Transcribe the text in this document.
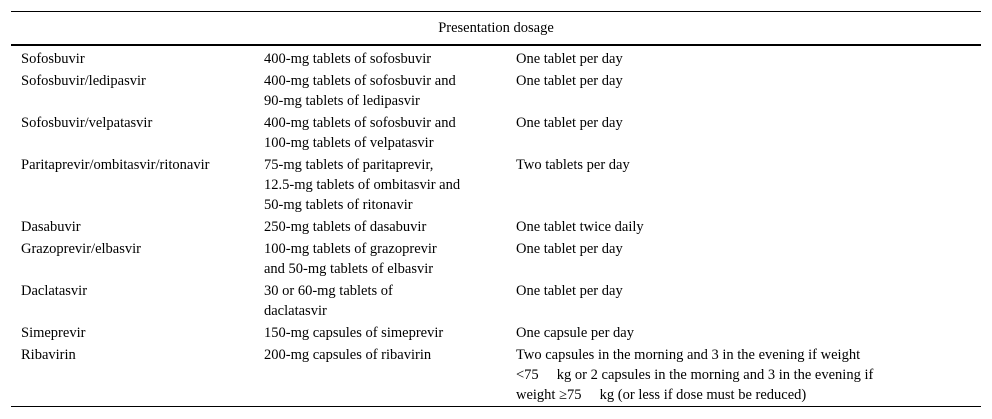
Presentation dosage		
Sofosbuvir	400-mg tablets of sofosbuvir	One tablet per day

Sofosbuvir/ledipasvir	400-mg tablets of sofosbuvir and
90-mg tablets of ledipasvir	One tablet per day

Sofosbuvir/velpatasvir	400-mg tablets of sofosbuvir and
100-mg tablets of velpatasvir	One tablet per day

Paritaprevir/ombitasvir/ritonavir	75-mg tablets of paritaprevir,
12.5-mg tablets of ombitasvir and
50-mg tablets of ritonavir	Two tablets per day

Dasabuvir	250-mg tablets of dasabuvir	One tablet twice daily

Grazoprevir/elbasvir	100-mg tablets of grazoprevir
and 50-mg tablets of elbasvir	One tablet per day

Daclatasvir	30 or 60-mg tablets of
daclatasvir	One tablet per day

Simeprevir	150-mg capsules of simeprevir	One capsule per day

Ribavirin	200-mg capsules of ribavirin	Two capsules in the morning and 3 in the evening if weight
<75  kg or 2 capsules in the morning and 3 in the evening if
weight ≥75  kg (or less if dose must be reduced)
